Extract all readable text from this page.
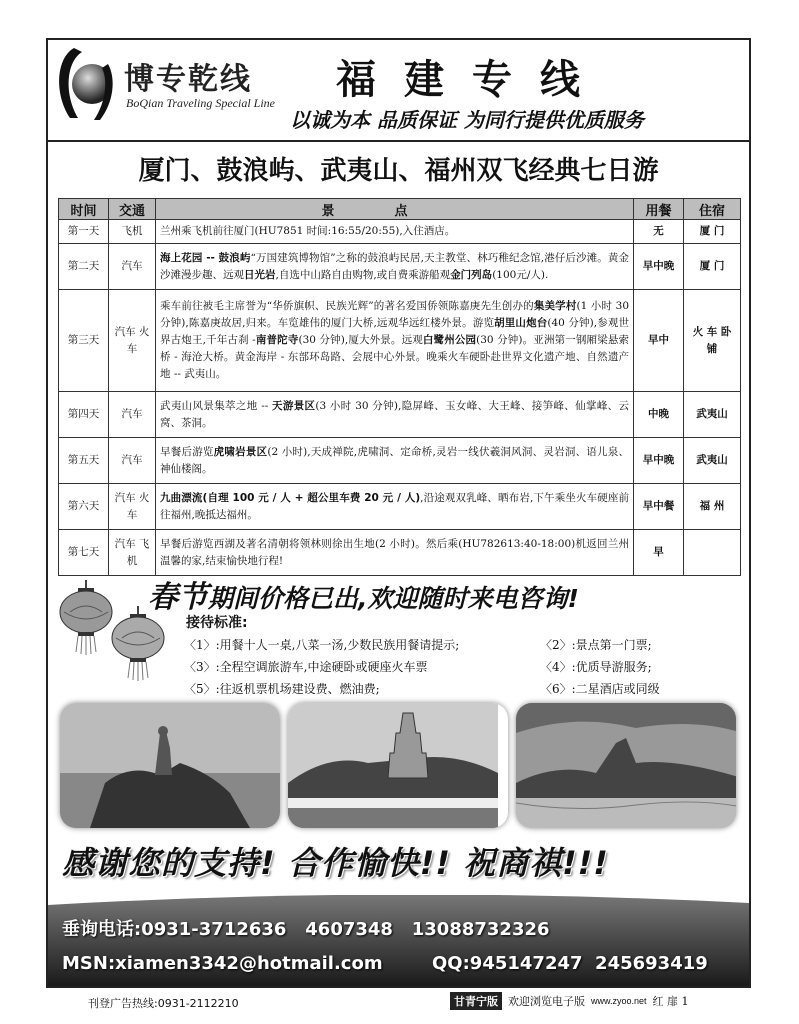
博专乾线
BoQian Traveling Special Line 福建专线
以诚为本 品质保证 为同行提供优质服务
厦门、鼓浪屿、武夷山、福州双飞经典七日游
时间	交通	景点	用餐	住宿
第一天	飞机	兰州乘飞机前往厦门(HU7851 时间:16:55/20:55),入住酒店。	无	厦 门
第二天	汽车	海上花园 -- 鼓浪屿“万国建筑博物馆”之称的鼓浪屿民居,天主教堂、林巧稚纪念馆,港仔后沙滩。黄金沙滩漫步趣、远观日光岩,自选中山路自由购物,或自费乘游船观金门列岛(100元/人).	早中晚	厦 门
第三天	汽车 火车	乘车前往被毛主席誉为“华侨旗帜、民族光辉”的著名爱国侨领陈嘉庚先生创办的集美学村(1 小时 30 分钟),陈嘉庚故居,归来。车览雄伟的厦门大桥,远观华远红楼外景。游览胡里山炮台(40 分钟),参观世界古炮王,千年古刹 -南普陀寺(30 分钟),厦大外景。远观白鹭州公园(30 分钟)。亚洲第一钢厢梁悬索桥 - 海沧大桥。黄金海岸 - 东部环岛路、会展中心外景。晚乘火车硬卧赴世界文化遗产地、自然遗产地 -- 武夷山。	早中	火 车 卧 铺
第四天	汽车	武夷山风景集萃之地 -- 天游景区(3 小时 30 分钟),隐屏峰、玉女峰、大王峰、接笋峰、仙掌峰、云窝、茶洞。	中晚	武夷山
第五天	汽车	早餐后游览虎啸岩景区(2 小时),天成禅院,虎啸洞、定命桥,灵岩一线伏羲洞风洞、灵岩洞、语儿泉、神仙楼阁。	早中晚	武夷山
第六天	汽车 火车	九曲漂流(自理 100 元 / 人 + 超公里车费 20 元 / 人),沿途观双乳峰、晒布岩,下午乘坐火车硬座前往福州,晚抵达福州。	早中餐	福 州
第七天	汽车 飞机	早餐后游览西湖及著名清朝将领林则徐出生地(2 小时)。然后乘(HU782613:40-18:00)机返回兰州温馨的家,结束愉快地行程!	早	
春节期间价格已出,欢迎随时来电咨询!
接待标准:
〈1〉:用餐十人一桌,八菜一汤,少数民族用餐请提示;	〈2〉:景点第一门票;
〈3〉:全程空调旅游车,中途硬卧或硬座火车票	〈4〉:优质导游服务;
〈5〉:往返机票机场建设费、燃油费;	〈6〉:二星酒店或同级
感谢您的支持! 合作愉快!! 祝商祺!!!
垂询电话:0931-3712636 4607348 13088732326
MSN:xiamen3342@hotmail.com	QQ:945147247  245693419
刊登广告热线:0931-2112210	甘青宁版 欢迎浏览电子版 www.zyoo.net 红 扉 1
